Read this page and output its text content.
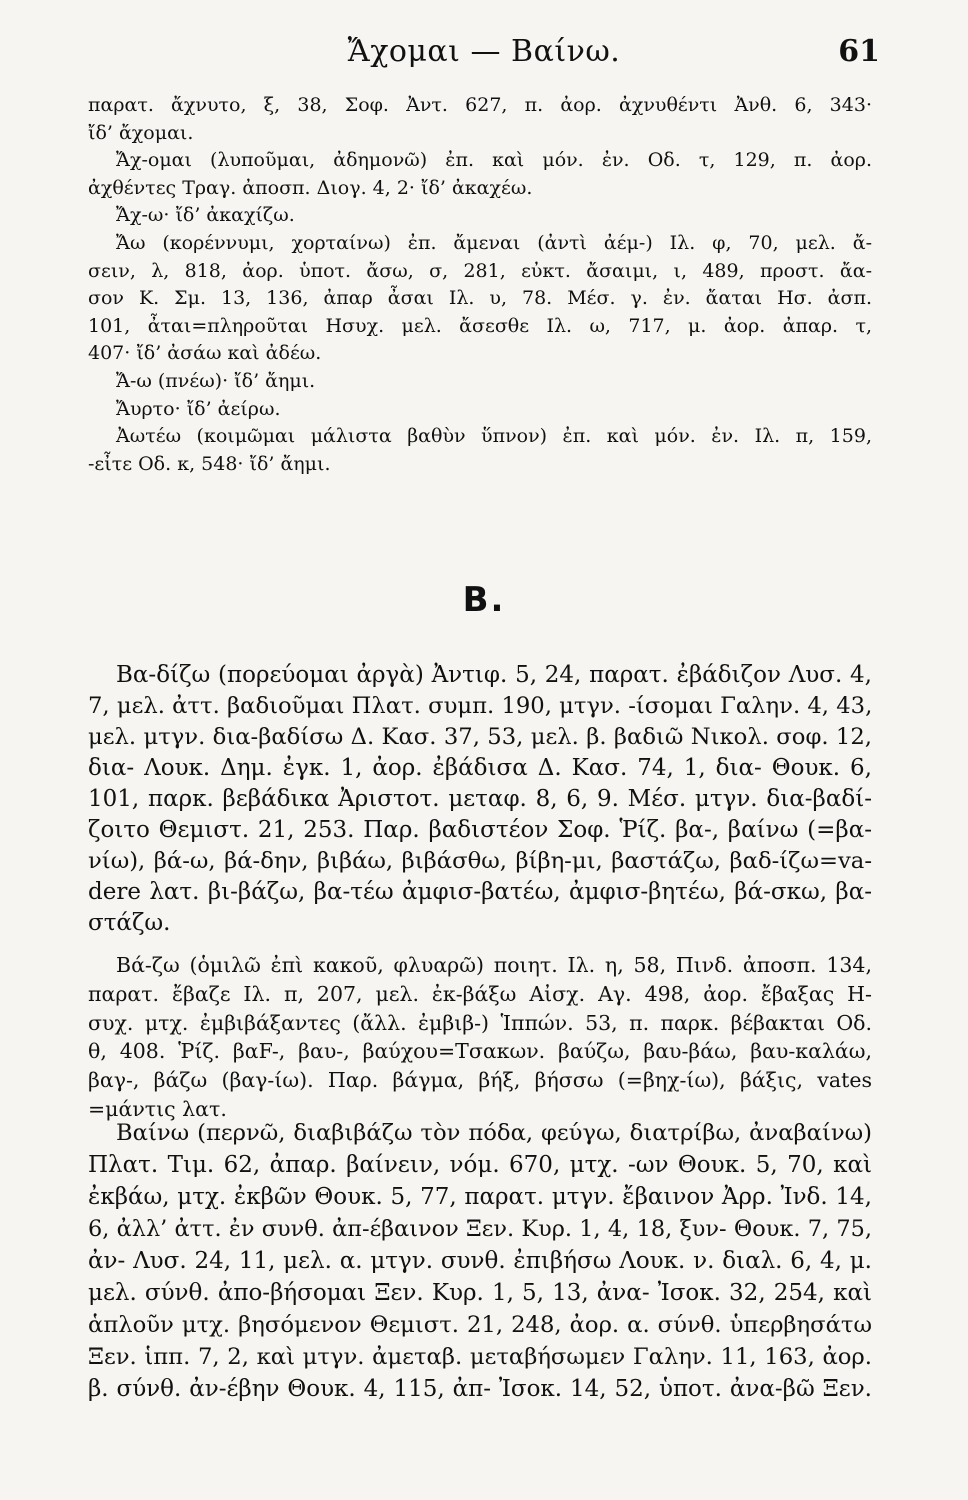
Ἄχομαι — Βαίνω.	61
παρατ. ἄχνυτο, ξ, 38, Σοφ. Ἀντ. 627, π. ἀορ. ἀχνυθέντι Ἀνθ. 6, 343·
ἴδ’ ἄχομαι.
Ἄχ-ομαι (λυποῦμαι, ἀδημονῶ) ἐπ. καὶ μόν. ἐν. Οδ. τ, 129, π. ἀορ.
ἀχθέντες Τραγ. ἀποσπ. Διογ. 4, 2· ἴδ’ ἀκαχέω.
Ἄχ-ω· ἴδ’ ἀκαχίζω.
Ἄω (κορέννυμι, χορταίνω) ἐπ. ἄμεναι (ἀντὶ ἀέμ-) Ιλ. φ, 70, μελ. ἄ-
σειν, λ, 818, ἀορ. ὑποτ. ἄσω, σ, 281, εὐκτ. ἄσαιμι, ι, 489, προστ. ἄα-
σον Κ. Σμ. 13, 136, ἀπαρ ἆσαι Ιλ. υ, 78. Μέσ. γ. ἐν. ἄαται Ησ. ἀσπ.
101, ἆται=πληροῦται Ησυχ. μελ. ἄσεσθε Ιλ. ω, 717, μ. ἀορ. ἀπαρ. τ,
407· ἴδ’ ἀσάω καὶ ἀδέω.
Ἄ-ω (πνέω)· ἴδ’ ἄημι.
Ἄυρτο· ἴδ’ ἀείρω.
Ἀωτέω (κοιμῶμαι μάλιστα βαθὺν ὕπνον) ἐπ. καὶ μόν. ἐν. Ιλ. π, 159,
-εἶτε Οδ. κ, 548· ἴδ’ ἄημι.
B.
Βα-δίζω (πορεύομαι ἀργὰ) Ἀντιφ. 5, 24, παρατ. ἐβάδιζον Λυσ. 4,
7, μελ. ἀττ. βαδιοῦμαι Πλατ. συμπ. 190, μτγν. -ίσομαι Γαλην. 4, 43,
μελ. μτγν. δια-βαδίσω Δ. Κασ. 37, 53, μελ. β. βαδιῶ Νικολ. σοφ. 12,
δια- Λουκ. Δημ. ἐγκ. 1, ἀορ. ἐβάδισα Δ. Κασ. 74, 1, δια- Θουκ. 6,
101, παρκ. βεβάδικα Ἀριστοτ. μεταφ. 8, 6, 9. Μέσ. μτγν. δια-βαδί-
ζοιτο Θεμιστ. 21, 253. Παρ. βαδιστέον Σοφ. Ῥίζ. βα-, βαίνω (=βα-
νίω), βά-ω, βά-δην, βιβάω, βιβάσθω, βίβη-μι, βαστάζω, βαδ-ίζω=va-
dere λατ. βι-βάζω, βα-τέω ἀμφισ-βατέω, ἀμφισ-βητέω, βά-σκω, βα-
στάζω.
Βά-ζω (ὁμιλῶ ἐπὶ κακοῦ, φλυαρῶ) ποιητ. Ιλ. η, 58, Πινδ. ἀποσπ. 134,
παρατ. ἔβαζε Ιλ. π, 207, μελ. ἐκ-βάξω Αἰσχ. Αγ. 498, ἀορ. ἔβαξας Η-
συχ. μτχ. ἐμβιβάξαντες (ἄλλ. ἐμβιβ-) Ἱππών. 53, π. παρκ. βέβακται Οδ.
θ, 408. Ῥίζ. βαF-, βαυ-, βαύχου=Τσακων. βαύζω, βαυ-βάω, βαυ-καλάω,
βαγ-, βάζω (βαγ-ίω). Παρ. βάγμα, βήξ, βήσσω (=βηχ-ίω), βάξις, vates
=μάντις λατ.
Βαίνω (περνῶ, διαβιβάζω τὸν πόδα, φεύγω, διατρίβω, ἀναβαίνω)
Πλατ. Τιμ. 62, ἀπαρ. βαίνειν, νόμ. 670, μτχ. -ων Θουκ. 5, 70, καὶ
ἐκβάω, μτχ. ἐκβῶν Θουκ. 5, 77, παρατ. μτγν. ἔβαινον Ἀρρ. Ἰνδ. 14,
6, ἀλλ’ ἀττ. ἐν συνθ. ἀπ-έβαινον Ξεν. Κυρ. 1, 4, 18, ξυν- Θουκ. 7, 75,
ἀν- Λυσ. 24, 11, μελ. α. μτγν. συνθ. ἐπιβήσω Λουκ. ν. διαλ. 6, 4, μ.
μελ. σύνθ. ἀπο-βήσομαι Ξεν. Κυρ. 1, 5, 13, ἀνα- Ἰσοκ. 32, 254, καὶ
ἁπλοῦν μτχ. βησόμενον Θεμιστ. 21, 248, ἀορ. α. σύνθ. ὑπερβησάτω
Ξεν. ἱππ. 7, 2, καὶ μτγν. ἀμεταβ. μεταβήσωμεν Γαλην. 11, 163, ἀορ.
β. σύνθ. ἀν-έβην Θουκ. 4, 115, ἀπ- Ἰσοκ. 14, 52, ὑποτ. ἀνα-βῶ Ξεν.
